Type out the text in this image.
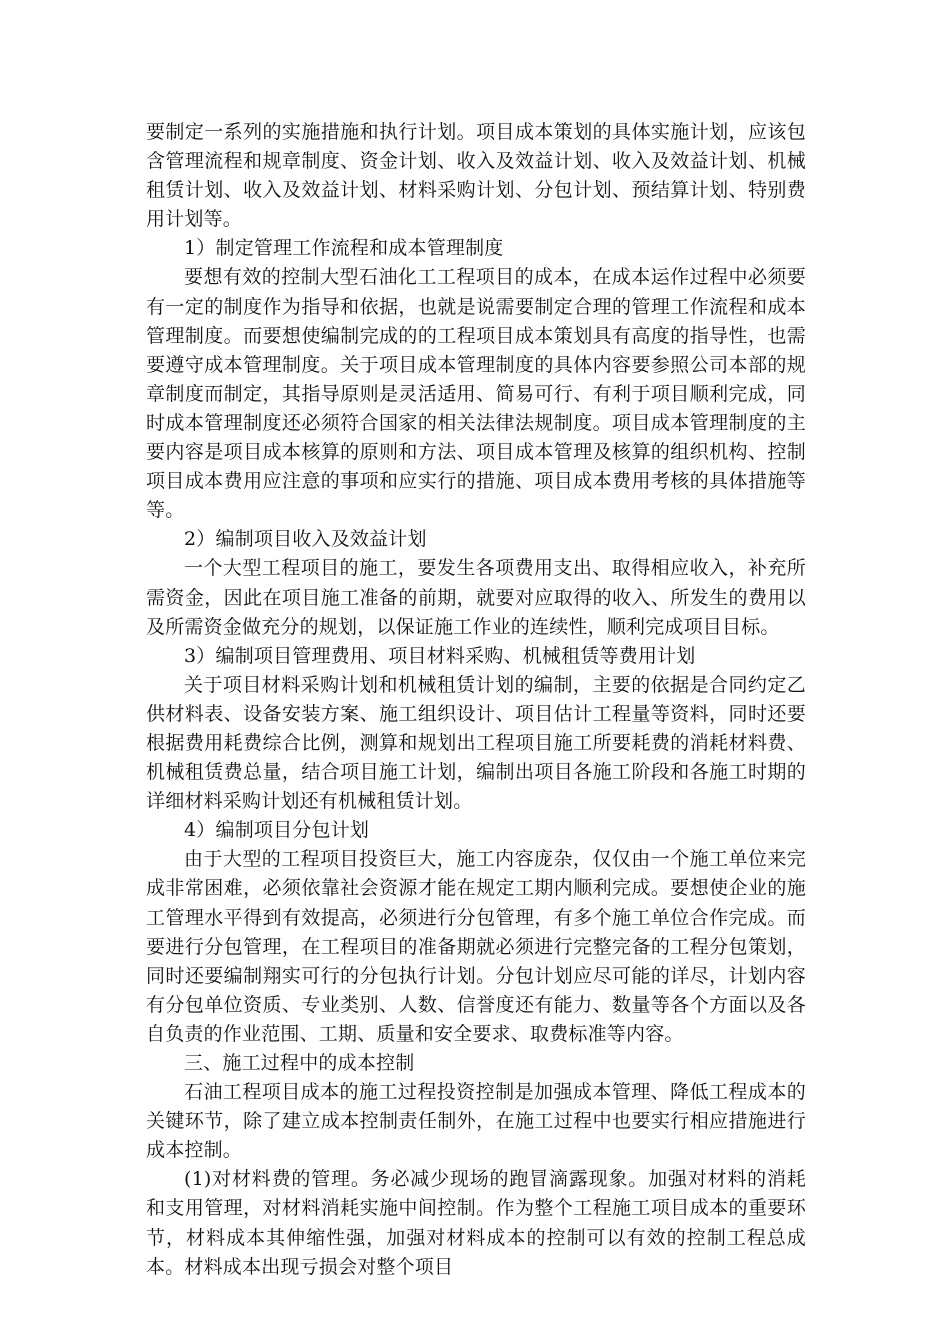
要制定一系列的实施措施和执行计划。项目成本策划的具体实施计划，应该包含管理流程和规章制度、资金计划、收入及效益计划、收入及效益计划、机械租赁计划、收入及效益计划、材料采购计划、分包计划、预结算计划、特别费用计划等。

1）制定管理工作流程和成本管理制度

要想有效的控制大型石油化工工程项目的成本，在成本运作过程中必须要有一定的制度作为指导和依据，也就是说需要制定合理的管理工作流程和成本管理制度。而要想使编制完成的的工程项目成本策划具有高度的指导性，也需要遵守成本管理制度。关于项目成本管理制度的具体内容要参照公司本部的规章制度而制定，其指导原则是灵活适用、简易可行、有利于项目顺利完成，同时成本管理制度还必须符合国家的相关法律法规制度。项目成本管理制度的主要内容是项目成本核算的原则和方法、项目成本管理及核算的组织机构、控制项目成本费用应注意的事项和应实行的措施、项目成本费用考核的具体措施等等。

2）编制项目收入及效益计划

一个大型工程项目的施工，要发生各项费用支出、取得相应收入，补充所需资金，因此在项目施工准备的前期，就要对应取得的收入、所发生的费用以及所需资金做充分的规划，以保证施工作业的连续性，顺利完成项目目标。

3）编制项目管理费用、项目材料采购、机械租赁等费用计划

关于项目材料采购计划和机械租赁计划的编制，主要的依据是合同约定乙供材料表、设备安装方案、施工组织设计、项目估计工程量等资料，同时还要根据费用耗费综合比例，测算和规划出工程项目施工所要耗费的消耗材料费、机械租赁费总量，结合项目施工计划，编制出项目各施工阶段和各施工时期的详细材料采购计划还有机械租赁计划。

4）编制项目分包计划

由于大型的工程项目投资巨大，施工内容庞杂，仅仅由一个施工单位来完成非常困难，必须依靠社会资源才能在规定工期内顺利完成。要想使企业的施工管理水平得到有效提高，必须进行分包管理，有多个施工单位合作完成。而要进行分包管理，在工程项目的准备期就必须进行完整完备的工程分包策划，同时还要编制翔实可行的分包执行计划。分包计划应尽可能的详尽，计划内容有分包单位资质、专业类别、人数、信誉度还有能力、数量等各个方面以及各自负责的作业范围、工期、质量和安全要求、取费标准等内容。

三、施工过程中的成本控制

石油工程项目成本的施工过程投资控制是加强成本管理、降低工程成本的关键环节，除了建立成本控制责任制外，在施工过程中也要实行相应措施进行成本控制。

(1)对材料费的管理。务必减少现场的跑冒滴露现象。加强对材料的消耗和支用管理，对材料消耗实施中间控制。作为整个工程施工项目成本的重要环节，材料成本其伸缩性强，加强对材料成本的控制可以有效的控制工程总成本。材料成本出现亏损会对整个项目
